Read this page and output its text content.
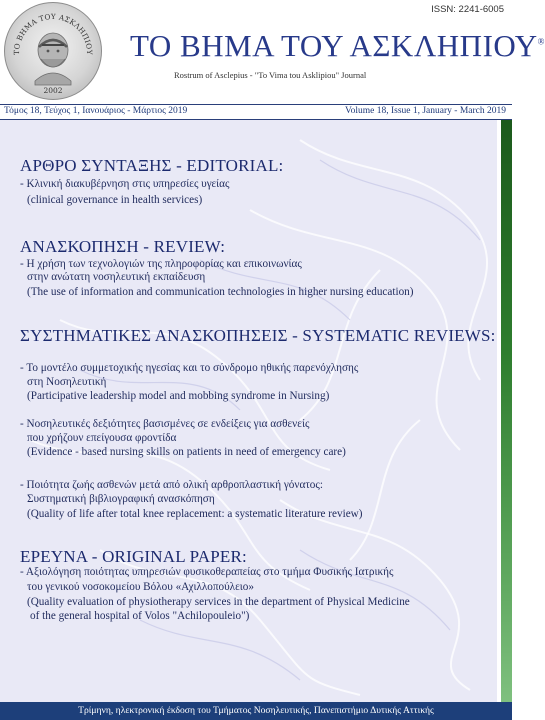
ΤΟ ΒΗΜΑ ΤΟΥ ΑΣΚΛΗΠΙΟΥ
2002
ISSN: 2241-6005
ΤΟ ΒΗΜΑ ΤΟΥ ΑΣΚΛΗΠΙΟΥ®
Rostrum of Asclepius - "To Vima tou Asklipiou" Journal
Τόμος 18, Τεύχος 1, Ιανουάριος - Μάρτιος 2019	Volume 18, Issue 1, January - March 2019
ΑΡΘΡΟ ΣΥΝΤΑΞΗΣ - EDITORIAL:
- Κλινική διακυβέρνηση στις υπηρεσίες υγείας
(clinical governance in health services)
ΑΝΑΣΚΟΠΗΣΗ - REVIEW:
- Η χρήση των τεχνολογιών της πληροφορίας και επικοινωνίας
στην ανώτατη νοσηλευτική εκπαίδευση
(The use of information and communication technologies in higher nursing education)
ΣΥΣΤΗΜΑΤΙΚΕΣ ΑΝΑΣΚΟΠΗΣΕΙΣ - SYSTEMATIC REVIEWS:
- Το μοντέλο συμμετοχικής ηγεσίας και το σύνδρομο ηθικής παρενόχλησης
στη Νοσηλευτική
(Participative leadership model and mobbing syndrome in Nursing)
- Νοσηλευτικές δεξιότητες βασισμένες σε ενδείξεις για ασθενείς
που χρήζουν επείγουσα φροντίδα
(Evidence - based nursing skills on patients in need of emergency care)
- Ποιότητα ζωής ασθενών μετά από ολική αρθροπλαστική γόνατος:
Συστηματική βιβλιογραφική ανασκόπηση
(Quality of life after total knee replacement: a systematic literature review)
ΕΡΕΥΝΑ - ORIGINAL PAPER:
- Αξιολόγηση ποιότητας υπηρεσιών φυσικοθεραπείας στο τμήμα Φυσικής Ιατρικής
του γενικού νοσοκομείου Βόλου «Αχιλλοπούλειο»
(Quality evaluation of physiotherapy services in the department of Physical Medicine
of the general hospital of Volos "Achilopouleio")
Τρίμηνη, ηλεκτρονική έκδοση του Τμήματος Νοσηλευτικής, Πανεπιστήμιο Δυτικής Αττικής
